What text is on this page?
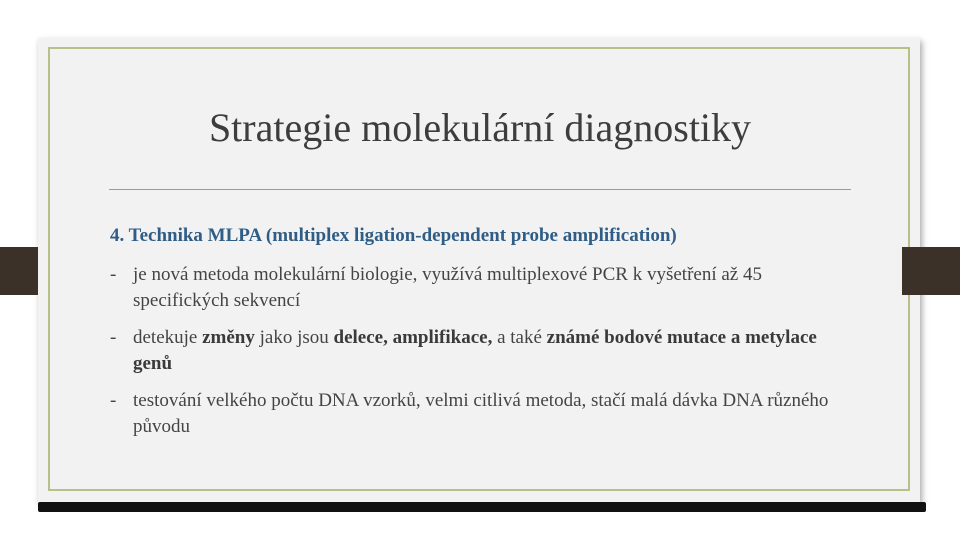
Strategie molekulární diagnostiky

4. Technika MLPA (multiplex ligation-dependent probe amplification)

- je nová metoda molekulární biologie, využívá multiplexové PCR k vyšetření až 45 specifických sekvencí
- detekuje změny jako jsou delece, amplifikace, a také známé bodové mutace a metylace genů
- testování velkého počtu DNA vzorků, velmi citlivá metoda, stačí malá dávka DNA různého původu
